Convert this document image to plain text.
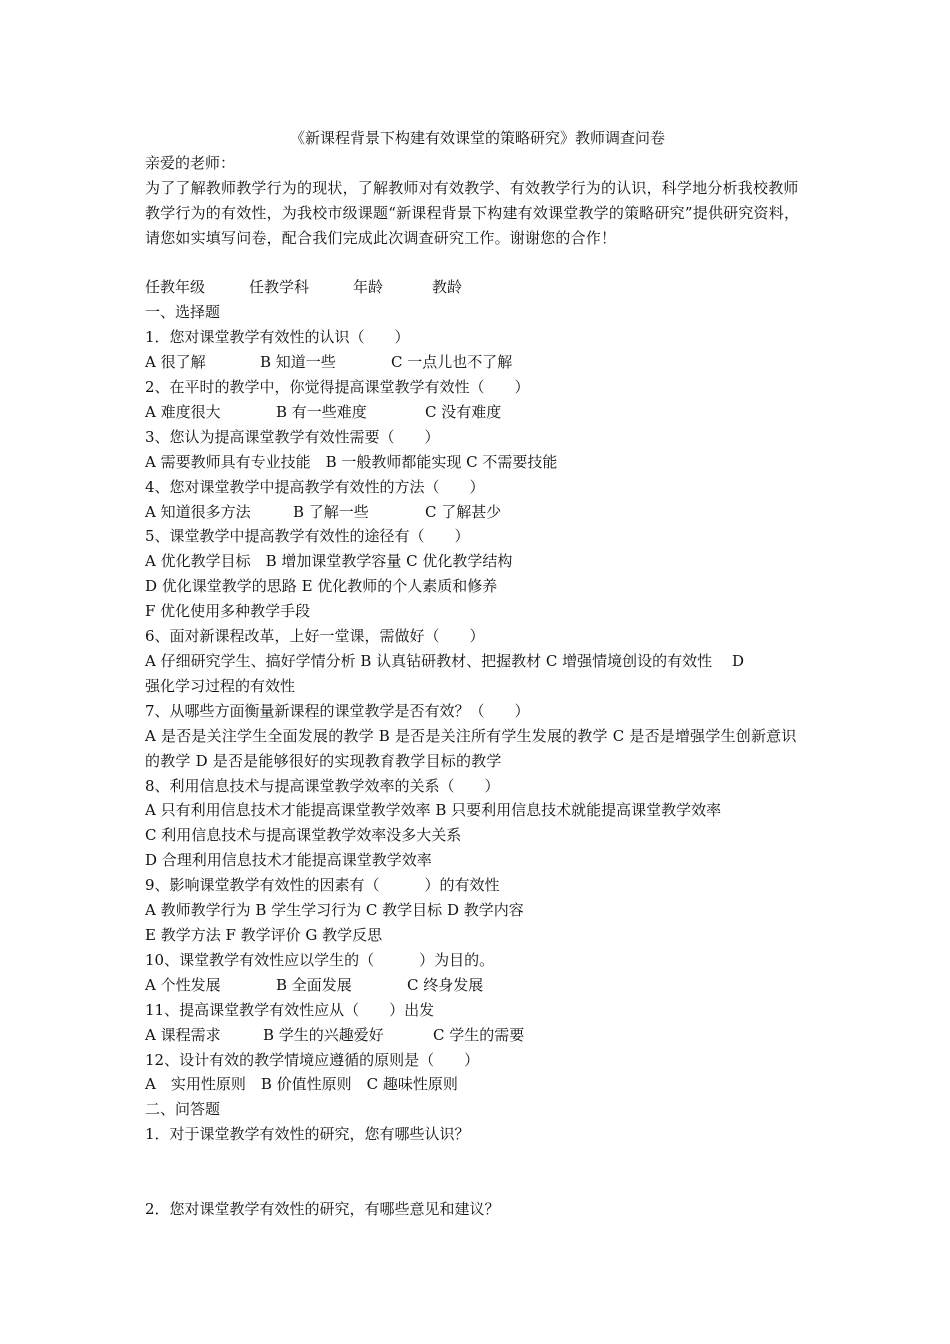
《新课程背景下构建有效课堂的策略研究》教师调查问卷
亲爱的老师：
为了了解教师教学行为的现状，了解教师对有效教学、有效教学行为的认识，科学地分析我校教师教学行为的有效性，为我校市级课题“新课程背景下构建有效课堂教学的策略研究”提供研究资料，请您如实填写问卷，配合我们完成此次调查研究工作。谢谢您的合作！
任教年级	任教学科	年龄	教龄
一、选择题
1．您对课堂教学有效性的认识（　　）
A 很了解	B 知道一些	C 一点儿也不了解
2、在平时的教学中，你觉得提高课堂教学有效性（　　）
A 难度很大	B 有一些难度	C 没有难度
3、您认为提高课堂教学有效性需要（　　）
A 需要教师具有专业技能　B 一般教师都能实现 C 不需要技能
4、您对课堂教学中提高教学有效性的方法（　　）
A 知道很多方法	B 了解一些	C 了解甚少
5、课堂教学中提高教学有效性的途径有（　　）
A 优化教学目标　B 增加课堂教学容量 C 优化教学结构
D 优化课堂教学的思路 E 优化教师的个人素质和修养
F 优化使用多种教学手段
6、面对新课程改革，上好一堂课，需做好（　　）
A 仔细研究学生、搞好学情分析 B 认真钻研教材、把握教材 C 增强情境创设的有效性　 D
强化学习过程的有效性
7、从哪些方面衡量新课程的课堂教学是否有效？（　　）
A 是否是关注学生全面发展的教学 B 是否是关注所有学生发展的教学 C 是否是增强学生创新意识的教学 D 是否是能够很好的实现教育教学目标的教学
8、利用信息技术与提高课堂教学效率的关系（　　）
A 只有利用信息技术才能提高课堂教学效率 B 只要利用信息技术就能提高课堂教学效率
C 利用信息技术与提高课堂教学效率没多大关系
D 合理利用信息技术才能提高课堂教学效率
9、影响课堂教学有效性的因素有（　　　）的有效性
A 教师教学行为 B 学生学习行为 C 教学目标 D 教学内容
E 教学方法 F 教学评价 G 教学反思
10、课堂教学有效性应以学生的（　　　）为目的。
A 个性发展	B 全面发展	C 终身发展
11、提高课堂教学有效性应从（　　）出发
A 课程需求	B 学生的兴趣爱好	C 学生的需要
12、设计有效的教学情境应遵循的原则是（　　）
A　实用性原则　B 价值性原则　C 趣味性原则
二、问答题
1．对于课堂教学有效性的研究，您有哪些认识？
2．您对课堂教学有效性的研究，有哪些意见和建议？
